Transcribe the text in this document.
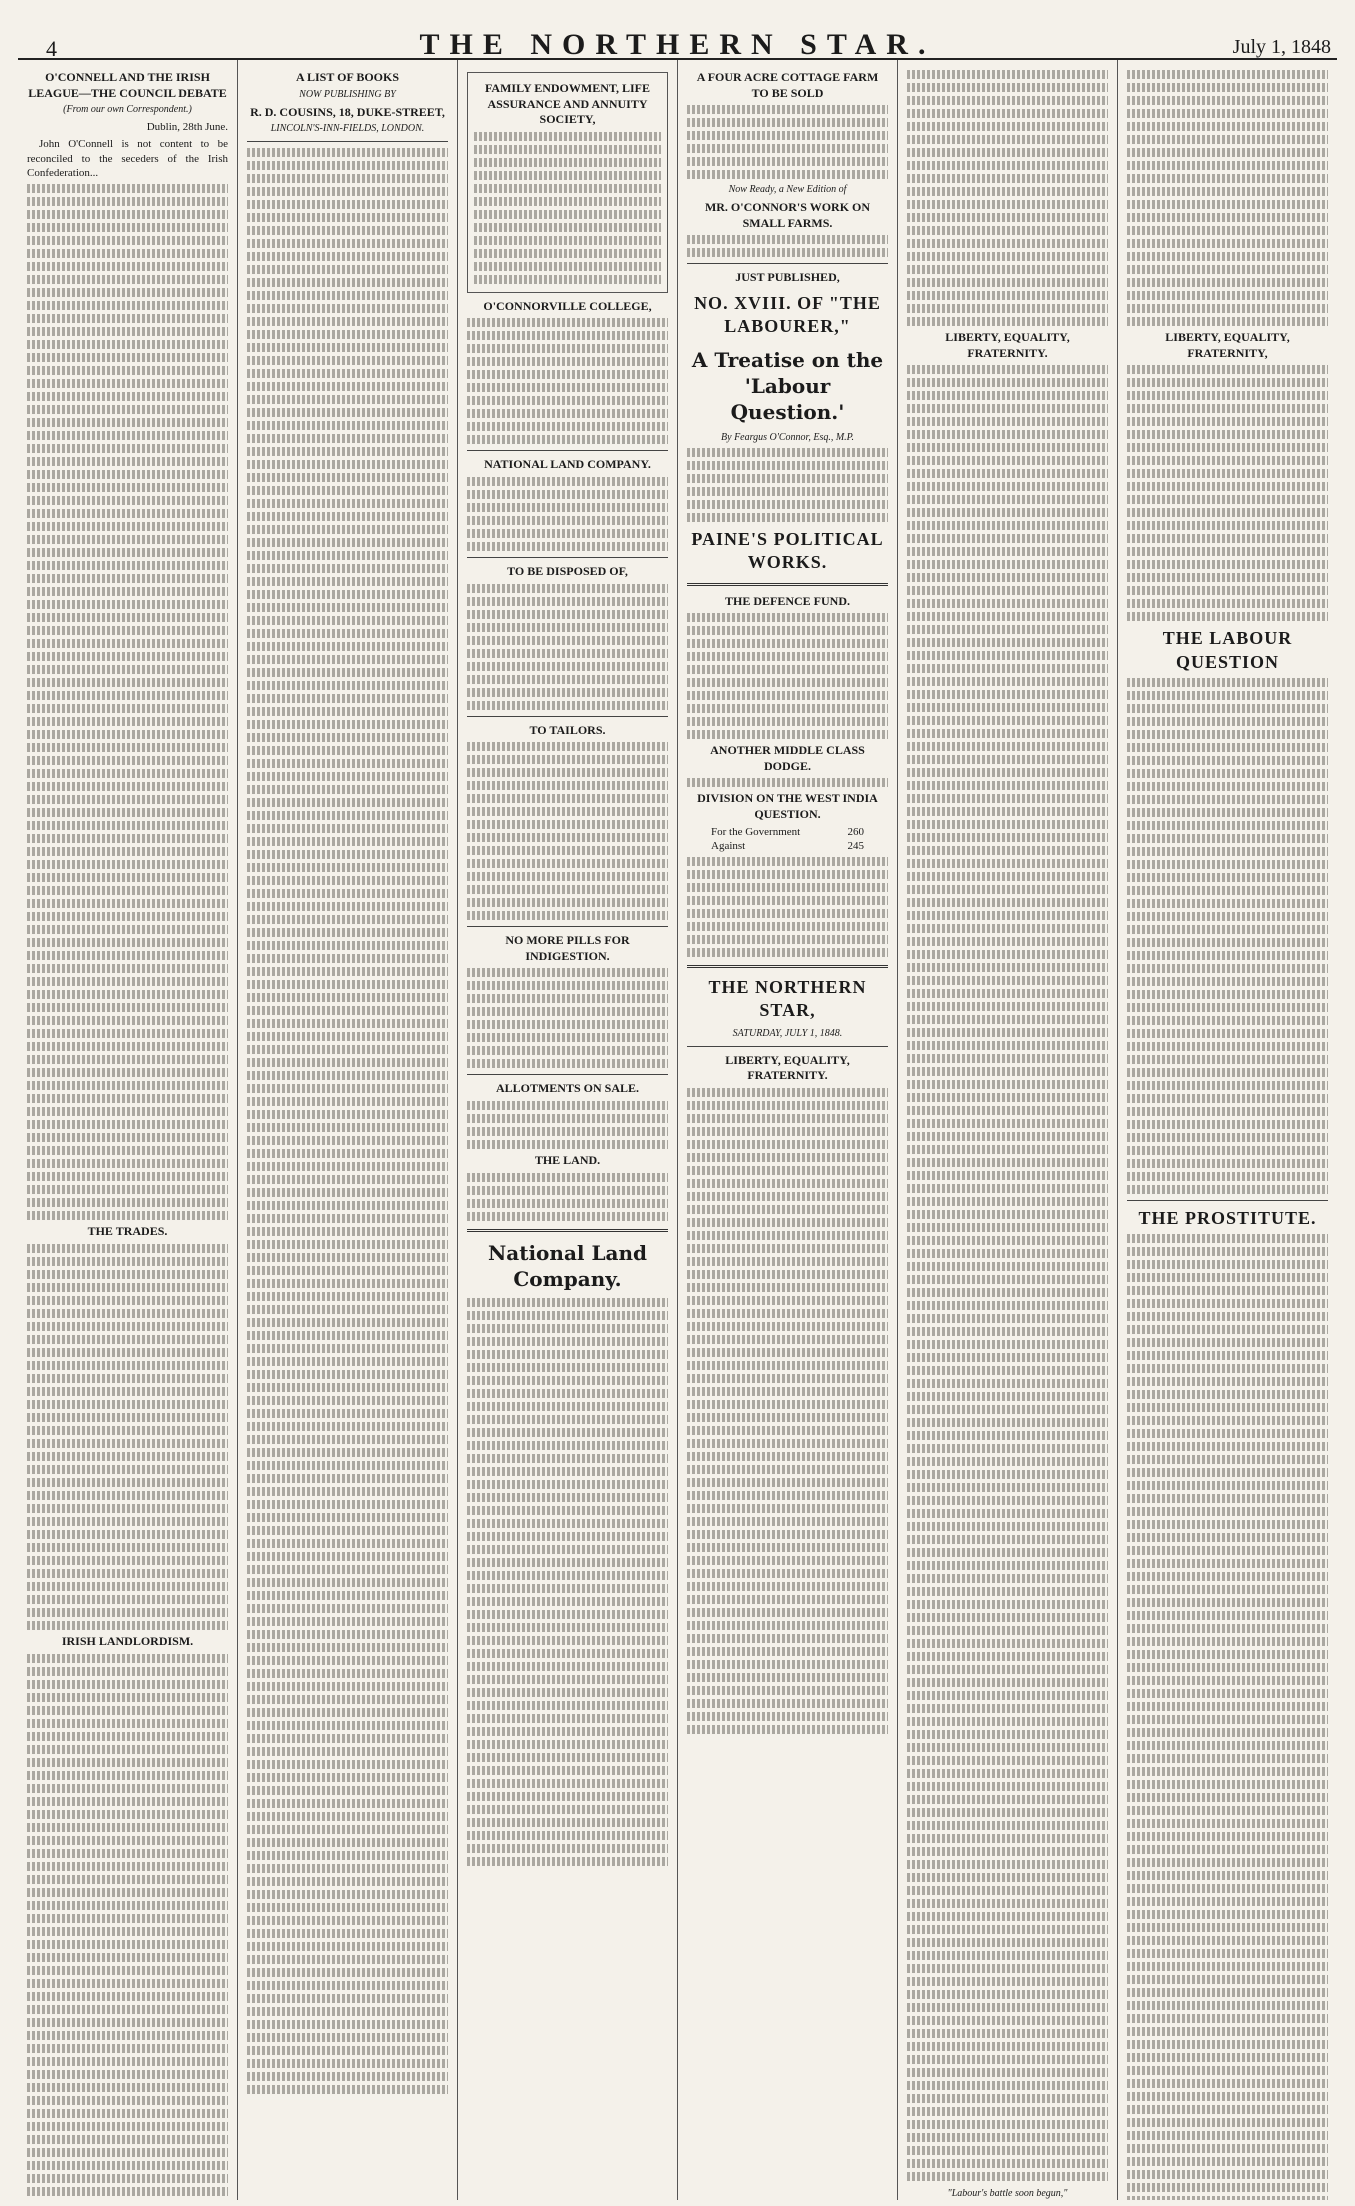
4	THE NORTHERN STAR.	July 1, 1848
O'CONNELL AND THE IRISH LEAGUE—THE COUNCIL DEBATE
(From our own Correspondent.)

Dublin, 28th June.

John O'Connell is not content to be reconciled to the seceders of the Irish Confederation...

THE TRADES.
IRISH LANDLORDISM.
A LIST OF BOOKS
NOW PUBLISHING BY
R. D. COUSINS, 18, DUKE-STREET,
LINCOLN'S-INN-FIELDS, LONDON.
FAMILY ENDOWMENT, LIFE ASSURANCE AND ANNUITY SOCIETY,
O'CONNORVILLE COLLEGE,
NATIONAL LAND COMPANY.
TO BE DISPOSED OF,
TO TAILORS.
NO MORE PILLS FOR INDIGESTION.
ALLOTMENTS ON SALE.
THE LAND.
National Land Company.
A FOUR ACRE COTTAGE FARM TO BE SOLD
Now Ready, a New Edition of
MR. O'CONNOR'S WORK ON SMALL FARMS.
JUST PUBLISHED,
NO. XVIII. OF "THE LABOURER,"
A Treatise on the 'Labour Question.'
By Feargus O'Connor, Esq., M.P.
PAINE'S POLITICAL WORKS.
THE DEFENCE FUND.
ANOTHER MIDDLE CLASS DODGE.
DIVISION ON THE WEST INDIA QUESTION.
For the Government	260
Against	245
THE NORTHERN STAR,
SATURDAY, JULY 1, 1848.
LIBERTY, EQUALITY, FRATERNITY.
LIBERTY, EQUALITY, FRATERNITY.
"Labour's battle soon begun,"
LIBERTY, EQUALITY, FRATERNITY,
THE LABOUR QUESTION
THE PROSTITUTE.
